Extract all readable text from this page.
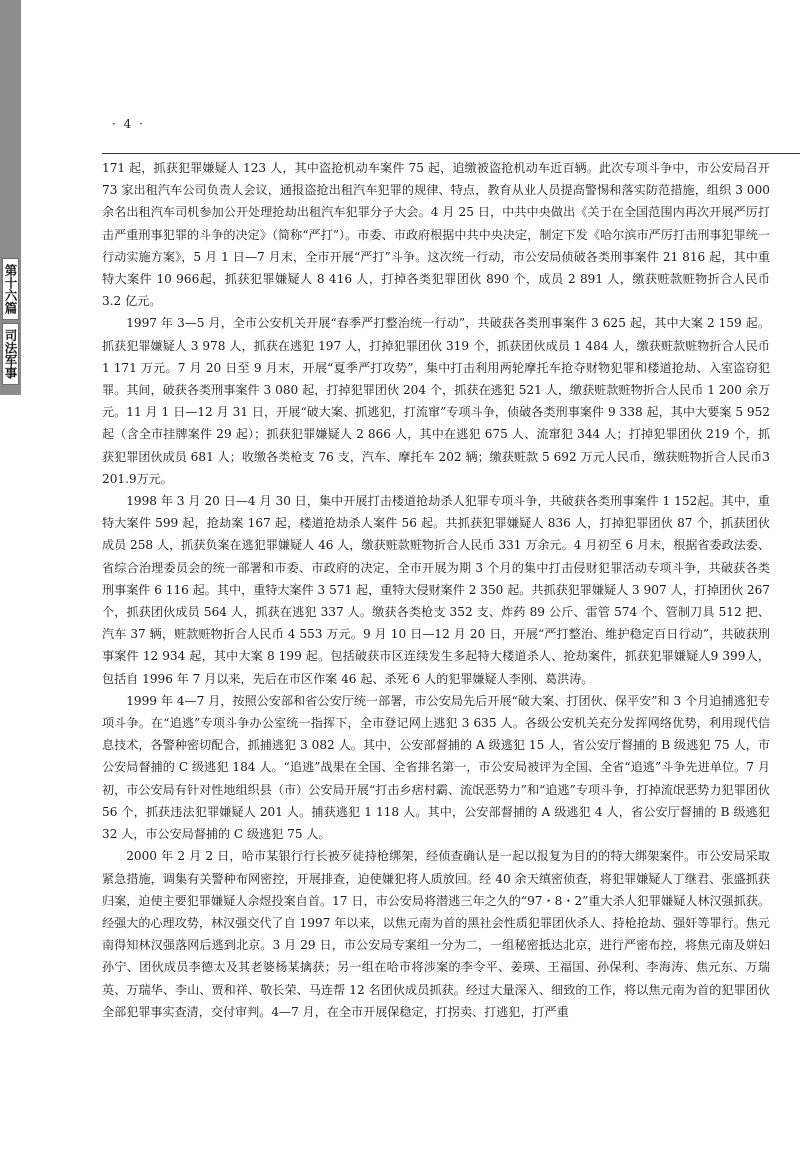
第十六篇
司法军事
· 4 ·

171 起，抓获犯罪嫌疑人 123 人，其中盗抢机动车案件 75 起，追缴被盗抢机动车近百辆。此次专项斗争中，市公安局召开 73 家出租汽车公司负责人会议，通报盗抢出租汽车犯罪的规律、特点，教育从业人员提高警惕和落实防范措施，组织 3 000 余名出租汽车司机参加公开处理抢劫出租汽车犯罪分子大会。4 月 25 日，中共中央做出《关于在全国范围内再次开展严厉打击严重刑事犯罪的斗争的决定》（简称“严打”）。市委、市政府根据中共中央决定，制定下发《哈尔滨市严厉打击刑事犯罪统一行动实施方案》，5 月 1 日—7 月末，全市开展“严打”斗争。这次统一行动，市公安局侦破各类刑事案件 21 816 起，其中重特大案件 10 966起，抓获犯罪嫌疑人 8 416 人，打掉各类犯罪团伙 890 个，成员 2 891 人，缴获赃款赃物折合人民币 3.2 亿元。

1997 年 3—5 月，全市公安机关开展“春季严打整治统一行动”，共破获各类刑事案件 3 625 起，其中大案 2 159 起。抓获犯罪嫌疑人 3 978 人，抓获在逃犯 197 人，打掉犯罪团伙 319 个，抓获团伙成员 1 484 人，缴获赃款赃物折合人民币 1 171 万元。7 月 20 日至 9 月末，开展“夏季严打攻势”，集中打击利用两轮摩托车抢夺财物犯罪和楼道抢劫、入室盗窃犯罪。其间，破获各类刑事案件 3 080 起，打掉犯罪团伙 204 个，抓获在逃犯 521 人，缴获赃款赃物折合人民币 1 200 余万元。11 月 1 日—12 月 31 日，开展“破大案、抓逃犯，打流窜”专项斗争，侦破各类刑事案件 9 338 起，其中大要案 5 952 起（含全市挂牌案件 29 起）；抓获犯罪嫌疑人 2 866 人，其中在逃犯 675 人、流窜犯 344 人；打掉犯罪团伙 219 个，抓获犯罪团伙成员 681 人；收缴各类枪支 76 支，汽车、摩托车 202 辆；缴获赃款 5 692 万元人民币，缴获赃物折合人民币3 201.9万元。

1998 年 3 月 20 日—4 月 30 日，集中开展打击楼道抢劫杀人犯罪专项斗争，共破获各类刑事案件 1 152起。其中，重特大案件 599 起，抢劫案 167 起，楼道抢劫杀人案件 56 起。共抓获犯罪嫌疑人 836 人，打掉犯罪团伙 87 个，抓获团伙成员 258 人，抓获负案在逃犯罪嫌疑人 46 人，缴获赃款赃物折合人民币 331 万余元。4 月初至 6 月末，根据省委政法委、省综合治理委员会的统一部署和市委、市政府的决定，全市开展为期 3 个月的集中打击侵财犯罪活动专项斗争，共破获各类刑事案件 6 116 起。其中，重特大案件 3 571 起，重特大侵财案件 2 350 起。共抓获犯罪嫌疑人 3 907 人，打掉团伙 267 个，抓获团伙成员 564 人，抓获在逃犯 337 人。缴获各类枪支 352 支、炸药 89 公斤、雷管 574 个、管制刀具 512 把、汽车 37 辆，赃款赃物折合人民币 4 553 万元。9 月 10 日—12 月 20 日，开展“严打整治、维护稳定百日行动”，共破获刑事案件 12 934 起，其中大案 8 199 起。包括破获市区连续发生多起特大楼道杀人、抢劫案件，抓获犯罪嫌疑人9 399人，包括自 1996 年 7 月以来，先后在市区作案 46 起、杀死 6 人的犯罪嫌疑人李刚、葛洪涛。

1999 年 4—7 月，按照公安部和省公安厅统一部署，市公安局先后开展“破大案、打团伙、保平安”和 3 个月追捕逃犯专项斗争。在“追逃”专项斗争办公室统一指挥下，全市登记网上逃犯 3 635 人。各级公安机关充分发挥网络优势，利用现代信息技术，各警种密切配合，抓捕逃犯 3 082 人。其中，公安部督捕的 A 级逃犯 15 人，省公安厅督捕的 B 级逃犯 75 人，市公安局督捕的 C 级逃犯 184 人。“追逃”战果在全国、全省排名第一，市公安局被评为全国、全省“追逃”斗争先进单位。7 月初，市公安局有针对性地组织县（市）公安局开展“打击乡痞村霸、流氓恶势力”和“追逃”专项斗争，打掉流氓恶势力犯罪团伙 56 个，抓获违法犯罪嫌疑人 201 人。捕获逃犯 1 118 人。其中，公安部督捕的 A 级逃犯 4 人，省公安厅督捕的 B 级逃犯 32 人，市公安局督捕的 C 级逃犯 75 人。

2000 年 2 月 2 日，哈市某银行行长被歹徒持枪绑架，经侦查确认是一起以报复为目的的特大绑架案件。市公安局采取紧急措施，调集有关警种布网密控，开展排查，迫使嫌犯将人质放回。经 40 余天缜密侦查，将犯罪嫌疑人丁继君、张盛抓获归案，迫使主要犯罪嫌疑人佘煜投案自首。17 日，市公安局将潜逃三年之久的“97・8・2”重大杀人犯罪嫌疑人林汉强抓获。经强大的心理攻势，林汉强交代了自 1997 年以来，以焦元南为首的黑社会性质犯罪团伙杀人、持枪抢劫、强奸等罪行。焦元南得知林汉强落网后逃到北京。3 月 29 日，市公安局专案组一分为二，一组秘密抵达北京，进行严密布控，将焦元南及姘妇孙宁、团伙成员李德太及其老婆杨某擒获；另一组在哈市将涉案的李令平、姜瑛、王福国、孙保利、李海涛、焦元东、万瑞英、万瑞华、李山、贾和祥、敬长荣、马连帮 12 名团伙成员抓获。经过大量深入、细致的工作，将以焦元南为首的犯罪团伙全部犯罪事实查清，交付审判。4—7 月，在全市开展保稳定，打拐卖、打逃犯，打严重
